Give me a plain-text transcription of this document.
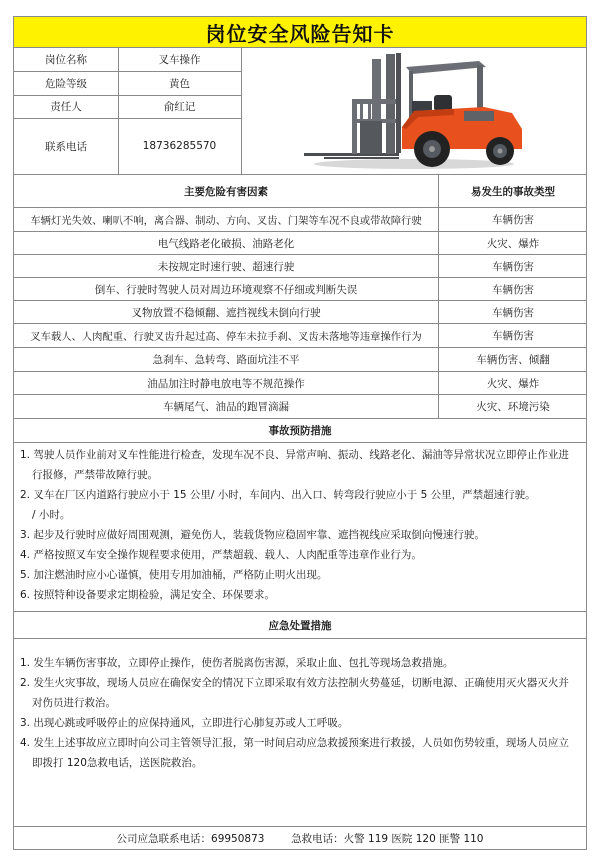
岗位安全风险告知卡
岗位名称	叉车操作
危险等级	黄色
责任人	俞红记
联系电话	18736285570
主要危险有害因素	易发生的事故类型
车辆灯光失效、喇叭不响，离合器、制动、方向、叉齿、门架等车况不良或带故障行驶	车辆伤害
电气线路老化破损、油路老化	火灾、爆炸
未按规定时速行驶、超速行驶	车辆伤害
倒车、行驶时驾驶人员对周边环境观察不仔细或判断失误	车辆伤害
叉物放置不稳倾翻、遮挡视线未倒向行驶	车辆伤害
叉车载人、人肉配重、行驶叉齿升起过高、停车未拉手刹、叉齿未落地等违章操作行为	车辆伤害
急刹车、急转弯、路面坑洼不平	车辆伤害、倾翻
油品加注时静电放电等不规范操作	火灾、爆炸
车辆尾气、油品的跑冒滴漏	火灾、环境污染
事故预防措施
1. 驾驶人员作业前对叉车性能进行检查，发现车况不良、异常声响、振动、线路老化、漏油等异常状况立即停止作业进行报修，严禁带故障行驶。
2. 叉车在厂区内道路行驶应小于 15 公里/ 小时，车间内、出入口、转弯段行驶应小于 5 公里，严禁超速行驶。
/ 小时。
3. 起步及行驶时应做好周围观测，避免伤人，装载货物应稳固牢靠、遮挡视线应采取倒向慢速行驶。
4. 严格按照叉车安全操作规程要求使用，严禁超载、载人、人肉配重等违章作业行为。
5. 加注燃油时应小心谨慎，使用专用加油桶，严格防止明火出现。
6. 按照特种设备要求定期检验，满足安全、环保要求。
应急处置措施
1. 发生车辆伤害事故，立即停止操作，使伤者脱离伤害源，采取止血、包扎等现场急救措施。
2. 发生火灾事故，现场人员应在确保安全的情况下立即采取有效方法控制火势蔓延，切断电源、正确使用灭火器灭火并对伤员进行救治。
3. 出现心跳或呼吸停止的应保持通风，立即进行心肺复苏或人工呼吸。
4. 发生上述事故应立即时向公司主管领导汇报，第一时间启动应急救援预案进行救援，人员如伤势较重，现场人员应立即拨打 120急救电话，送医院救治。
公司应急联系电话：69950873
	急救电话：火警 119 医院 120 匪警 110
